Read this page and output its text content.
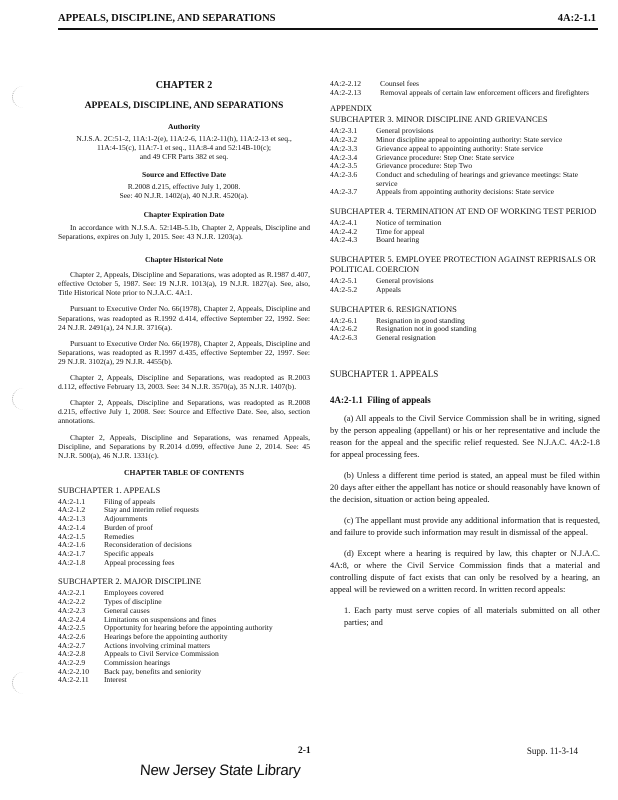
APPEALS, DISCIPLINE, AND SEPARATIONS	4A:2-1.1
CHAPTER 2
APPEALS, DISCIPLINE, AND SEPARATIONS
Authority
N.J.S.A. 2C:51-2, 11A:1-2(e), 11A:2-6, 11A:2-11(h), 11A:2-13 et seq.,
11A:4-15(c), 11A:7-1 et seq., 11A:8-4 and 52:14B-10(c);
and 49 CFR Parts 382 et seq.
Source and Effective Date
R.2008 d.215, effective July 1, 2008.
See: 40 N.J.R. 1402(a), 40 N.J.R. 4520(a).
Chapter Expiration Date

In accordance with N.J.S.A. 52:14B-5.1b, Chapter 2, Appeals, Discipline and Separations, expires on July 1, 2015. See: 43 N.J.R. 1203(a).

Chapter Historical Note

Chapter 2, Appeals, Discipline and Separations, was adopted as R.1987 d.407, effective October 5, 1987. See: 19 N.J.R. 1013(a), 19 N.J.R. 1827(a). See, also, Title Historical Note prior to N.J.A.C. 4A:1.

Pursuant to Executive Order No. 66(1978), Chapter 2, Appeals, Discipline and Separations, was readopted as R.1992 d.414, effective September 22, 1992. See: 24 N.J.R. 2491(a), 24 N.J.R. 3716(a).

Pursuant to Executive Order No. 66(1978), Chapter 2, Appeals, Discipline and Separations, was readopted as R.1997 d.435, effective September 22, 1997. See: 29 N.J.R. 3102(a), 29 N.J.R. 4455(b).

Chapter 2, Appeals, Discipline and Separations, was readopted as R.2003 d.112, effective February 13, 2003. See: 34 N.J.R. 3570(a), 35 N.J.R. 1407(b).

Chapter 2, Appeals, Discipline and Separations, was readopted as R.2008 d.215, effective July 1, 2008. See: Source and Effective Date. See, also, section annotations.

Chapter 2, Appeals, Discipline and Separations, was renamed Appeals, Discipline, and Separations by R.2014 d.099, effective June 2, 2014. See: 45 N.J.R. 500(a), 46 N.J.R. 1331(c).

CHAPTER TABLE OF CONTENTS

SUBCHAPTER 1. APPEALS

4A:2-1.1	Filing of appeals
4A:2-1.2	Stay and interim relief requests
4A:2-1.3	Adjournments
4A:2-1.4	Burden of proof
4A:2-1.5	Remedies
4A:2-1.6	Reconsideration of decisions
4A:2-1.7	Specific appeals
4A:2-1.8	Appeal processing fees

SUBCHAPTER 2. MAJOR DISCIPLINE

4A:2-2.1	Employees covered
4A:2-2.2	Types of discipline
4A:2-2.3	General causes
4A:2-2.4	Limitations on suspensions and fines
4A:2-2.5	Opportunity for hearing before the appointing authority
4A:2-2.6	Hearings before the appointing authority
4A:2-2.7	Actions involving criminal matters
4A:2-2.8	Appeals to Civil Service Commission
4A:2-2.9	Commission hearings
4A:2-2.10	Back pay, benefits and seniority
4A:2-2.11	Interest
4A:2-2.12	Counsel fees
4A:2-2.13	Removal appeals of certain law enforcement officers and firefighters

APPENDIX

SUBCHAPTER 3. MINOR DISCIPLINE AND GRIEVANCES

4A:2-3.1	General provisions
4A:2-3.2	Minor discipline appeal to appointing authority: State service
4A:2-3.3	Grievance appeal to appointing authority: State service
4A:2-3.4	Grievance procedure: Step One: State service
4A:2-3.5	Grievance procedure: Step Two
4A:2-3.6	Conduct and scheduling of hearings and grievance meetings: State service
4A:2-3.7	Appeals from appointing authority decisions: State service

SUBCHAPTER 4. TERMINATION AT END OF WORKING TEST PERIOD

4A:2-4.1	Notice of termination
4A:2-4.2	Time for appeal
4A:2-4.3	Board hearing

SUBCHAPTER 5. EMPLOYEE PROTECTION AGAINST REPRISALS OR POLITICAL COERCION

4A:2-5.1	General provisions
4A:2-5.2	Appeals

SUBCHAPTER 6. RESIGNATIONS

4A:2-6.1	Resignation in good standing
4A:2-6.2	Resignation not in good standing
4A:2-6.3	General resignation

SUBCHAPTER 1. APPEALS

4A:2-1.1 Filing of appeals

(a) All appeals to the Civil Service Commission shall be in writing, signed by the person appealing (appellant) or his or her representative and include the reason for the appeal and the specific relief requested. See N.J.A.C. 4A:2-1.8 for appeal processing fees.

(b) Unless a different time period is stated, an appeal must be filed within 20 days after either the appellant has notice or should reasonably have known of the decision, situation or action being appealed.

(c) The appellant must provide any additional information that is requested, and failure to provide such information may result in dismissal of the appeal.

(d) Except where a hearing is required by law, this chapter or N.J.A.C. 4A:8, or where the Civil Service Commission finds that a material and controlling dispute of fact exists that can only be resolved by a hearing, an appeal will be reviewed on a written record. In written record appeals:

1. Each party must serve copies of all materials submitted on all other parties; and

2-1	Supp. 11-3-14
New Jersey State Library
